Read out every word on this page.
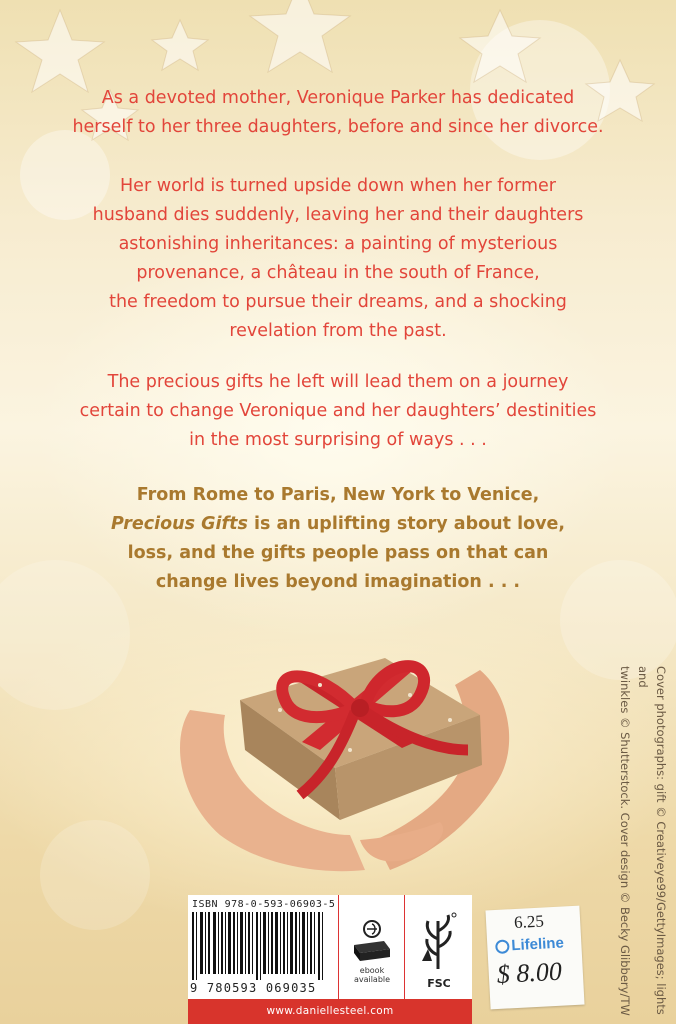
As a devoted mother, Veronique Parker has dedicated
herself to her three daughters, before and since her divorce.

Her world is turned upside down when her former
husband dies suddenly, leaving her and their daughters
astonishing inheritances: a painting of mysterious
provenance, a château in the south of France,
the freedom to pursue their dreams, and a shocking
revelation from the past.

The precious gifts he left will lead them on a journey
certain to change Veronique and her daughters’ destinities
in the most surprising of ways . . .

From Rome to Paris, New York to Venice,
Precious Gifts is an uplifting story about love,
loss, and the gifts people pass on that can
change lives beyond imagination . . .

Cover photographs: gift © Creativeye99/GettyImages; lights and
twinkles © Shutterstock. Cover design © Becky Glibbery/TW
ISBN 978-0-593-06903-5
9 780593 069035
ebook available	FSC
www.daniellesteel.com
6.25
Lifeline
$ 8.00
